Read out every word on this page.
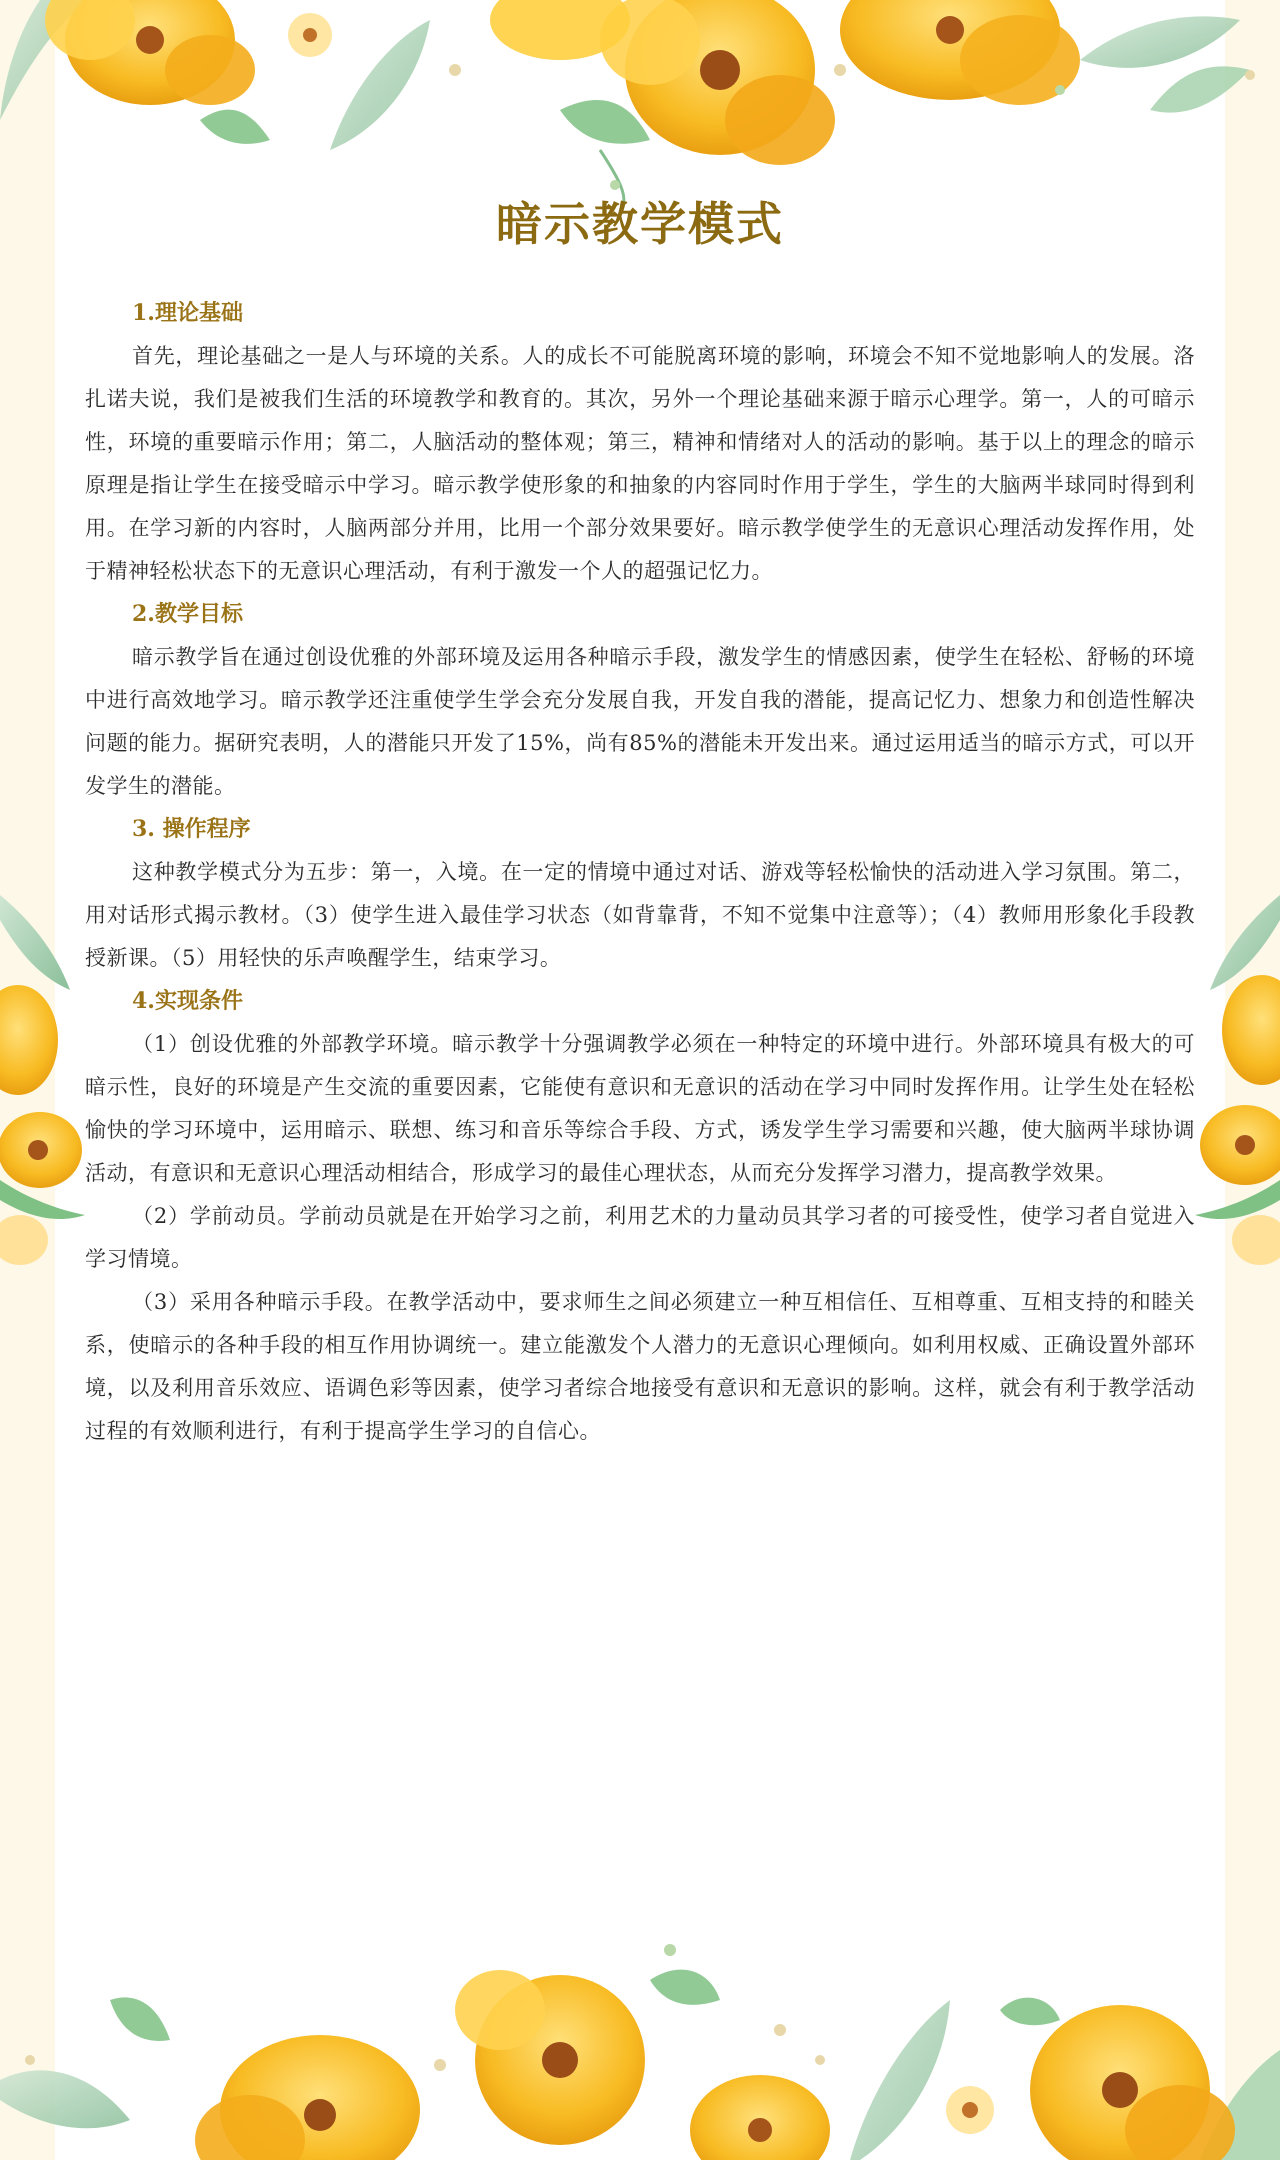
暗示教学模式
1.理论基础

首先，理论基础之一是人与环境的关系。人的成长不可能脱离环境的影响，环境会不知不觉地影响人的发展。洛扎诺夫说，我们是被我们生活的环境教学和教育的。其次，另外一个理论基础来源于暗示心理学。第一，人的可暗示性，环境的重要暗示作用；第二，人脑活动的整体观；第三，精神和情绪对人的活动的影响。基于以上的理念的暗示原理是指让学生在接受暗示中学习。暗示教学使形象的和抽象的内容同时作用于学生，学生的大脑两半球同时得到利用。在学习新的内容时，人脑两部分并用，比用一个部分效果要好。暗示教学使学生的无意识心理活动发挥作用，处于精神轻松状态下的无意识心理活动，有利于激发一个人的超强记忆力。

2.教学目标

暗示教学旨在通过创设优雅的外部环境及运用各种暗示手段，激发学生的情感因素，使学生在轻松、舒畅的环境中进行高效地学习。暗示教学还注重使学生学会充分发展自我，开发自我的潜能，提高记忆力、想象力和创造性解决问题的能力。据研究表明，人的潜能只开发了15%，尚有85%的潜能未开发出来。通过运用适当的暗示方式，可以开发学生的潜能。

3. 操作程序

这种教学模式分为五步：第一，入境。在一定的情境中通过对话、游戏等轻松愉快的活动进入学习氛围。第二，用对话形式揭示教材。（3）使学生进入最佳学习状态（如背靠背，不知不觉集中注意等）；（4）教师用形象化手段教授新课。（5）用轻快的乐声唤醒学生，结束学习。

4.实现条件

（1）创设优雅的外部教学环境。暗示教学十分强调教学必须在一种特定的环境中进行。外部环境具有极大的可暗示性，良好的环境是产生交流的重要因素，它能使有意识和无意识的活动在学习中同时发挥作用。让学生处在轻松愉快的学习环境中，运用暗示、联想、练习和音乐等综合手段、方式，诱发学生学习需要和兴趣，使大脑两半球协调活动，有意识和无意识心理活动相结合，形成学习的最佳心理状态，从而充分发挥学习潜力，提高教学效果。

（2）学前动员。学前动员就是在开始学习之前，利用艺术的力量动员其学习者的可接受性，使学习者自觉进入学习情境。

（3）采用各种暗示手段。在教学活动中，要求师生之间必须建立一种互相信任、互相尊重、互相支持的和睦关系，使暗示的各种手段的相互作用协调统一。建立能激发个人潜力的无意识心理倾向。如利用权威、正确设置外部环境，以及利用音乐效应、语调色彩等因素，使学习者综合地接受有意识和无意识的影响。这样，就会有利于教学活动过程的有效顺利进行，有利于提高学生学习的自信心。
